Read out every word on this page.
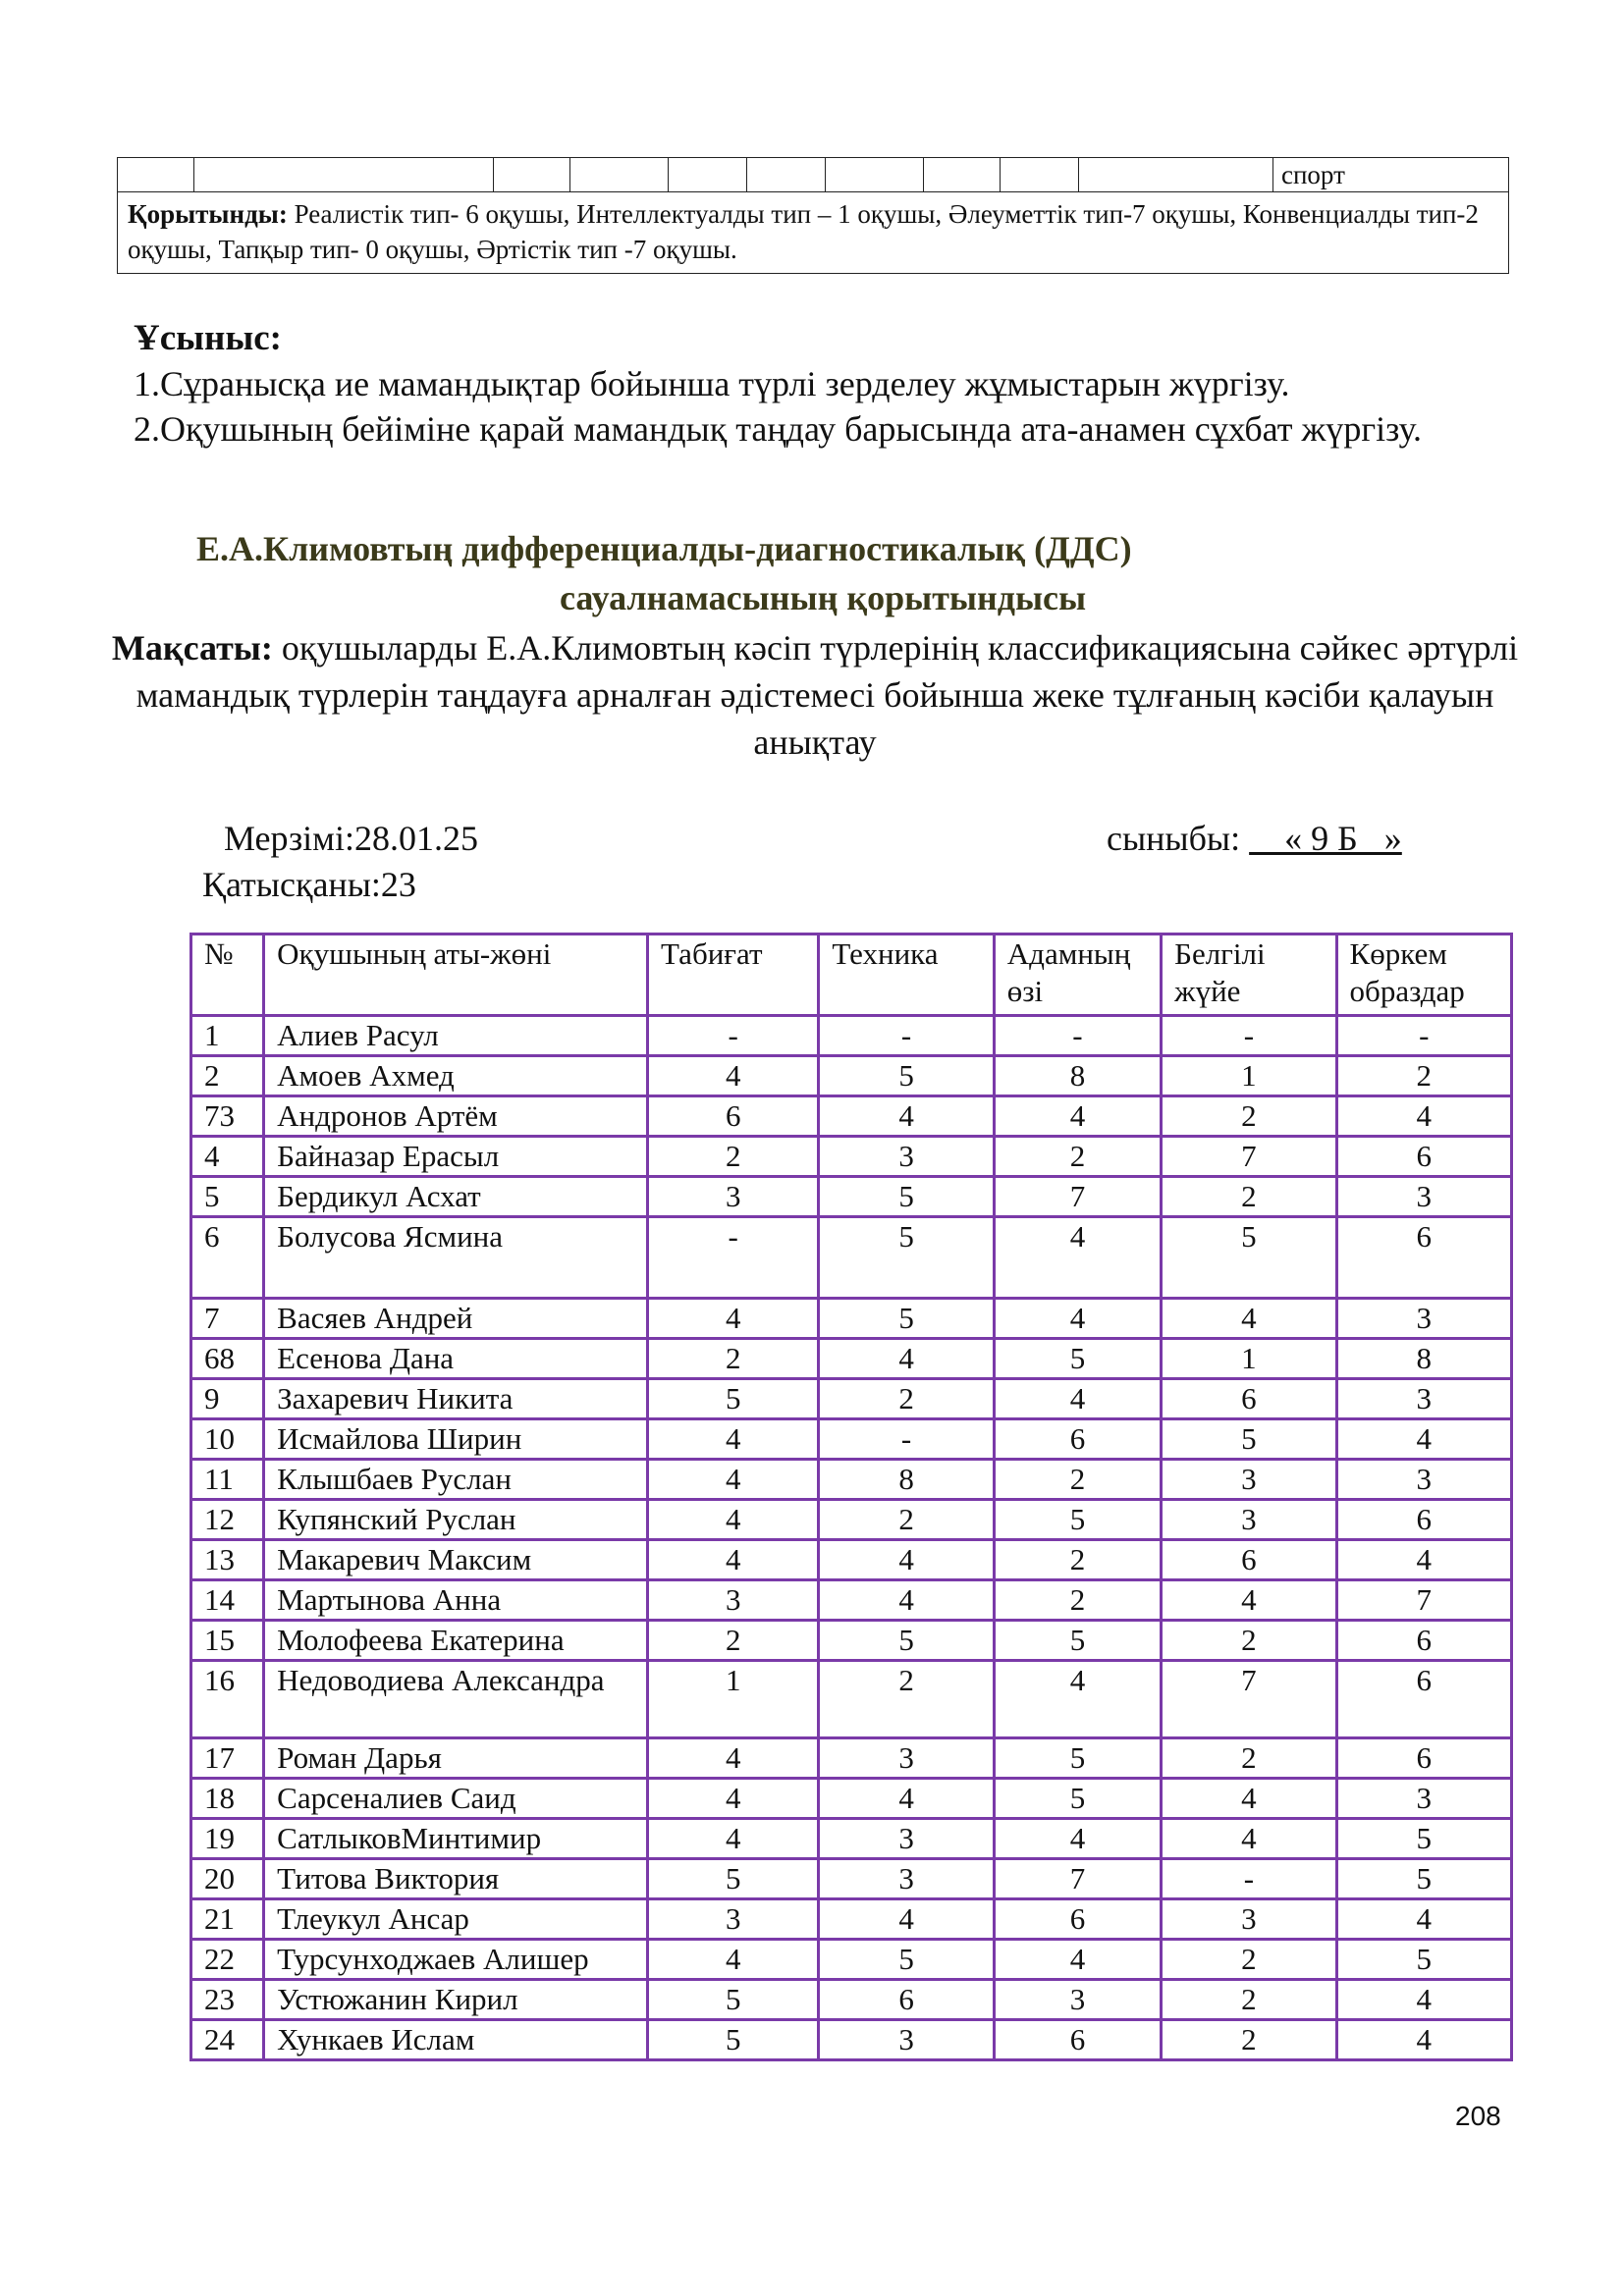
										спорт
Қорытынды: Реалистік тип- 6 оқушы, Интеллектуалды тип – 1 оқушы, Әлеуметтік тип-7 оқушы, Конвенциалды тип-2 оқушы, Тапқыр тип- 0 оқушы, Әртістік тип -7 оқушы.
Ұсыныс:
1.Сұранысқа ие мамандықтар бойынша түрлі зерделеу жұмыстарын жүргізу.
2.Оқушының бейіміне қарай мамандық таңдау барысында ата-анамен сұхбат жүргізу.
Е.А.Климовтың дифференциалды-диагностикалық (ДДС)
сауалнамасының қорытындысы
Мақсаты: оқушыларды Е.А.Климовтың кәсіп түрлерінің классификациясына сәйкес әртүрлі мамандық түрлерін таңдауға арналған әдістемесі бойынша жеке тұлғаның кәсіби қалауын анықтау
Мерзімі:28.01.25	сыныбы:     « 9 Б   »
Қатысқаны:23
№	Оқушының аты-жөні	Табиғат	Техника	Адамның өзі	Белгілі жүйе	Көркем образдар
1	Алиев Расул	-	-	-	-	-
2	Амоев Ахмед	4	5	8	1	2
73	Андронов Артём	6	4	4	2	4
4	Байназар Ерасыл	2	3	2	7	6
5	Бердикул Асхат	3	5	7	2	3
6	Болусова Ясмина	-	5	4	5	6
7	Васяев Андрей	4	5	4	4	3
68	Есенова Дана	2	4	5	1	8
9	Захаревич Никита	5	2	4	6	3
10	Исмайлова Ширин	4	-	6	5	4
11	Клышбаев Руслан	4	8	2	3	3
12	Купянский Руслан	4	2	5	3	6
13	Макаревич Максим	4	4	2	6	4
14	Мартынова Анна	3	4	2	4	7
15	Молофеева Екатерина	2	5	5	2	6
16	Недоводиева Александра	1	2	4	7	6
17	Роман Дарья	4	3	5	2	6
18	Сарсеналиев Саид	4	4	5	4	3
19	СатлыковМинтимир	4	3	4	4	5
20	Титова Виктория	5	3	7	-	5
21	Тлеукул Ансар	3	4	6	3	4
22	Турсунходжаев Алишер	4	5	4	2	5
23	Устюжанин Кирил	5	6	3	2	4
24	Хункаев Ислам	5	3	6	2	4
208
